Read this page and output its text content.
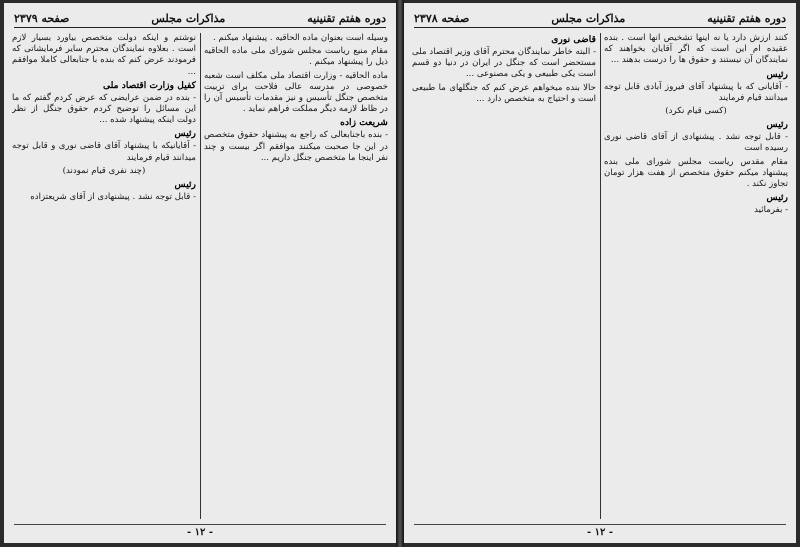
دوره هفتم تقنینیه
مذاکرات مجلس
صفحه ۲۳۷۹
وسیله است بعنوان ماده الحاقیه . پیشنهاد میکنم .
مقام منیع ریاست مجلس شورای ملی ماده الحاقیه ذیل را پیشنهاد میکنم .
ماده الحاقیه - وزارت اقتصاد ملی مکلف است شعبه خصوصی در مدرسه عالی فلاحت برای تربیت متخصص جنگل تأسیس و نیز مقدمات تأسیس آن را در ظاظ لازمه دیگر مملکت فراهم نماید .
شریعت زاده
- بنده باجنابعالی که راجع به پیشنهاد حقوق متخصص در این جا صحبت میکنند موافقم اگر بیست و چند نفر اینجا ما متخصص جنگل داریم ...
نوشتم و اینکه دولت متخصص بیاورد بسیار لازم است . بعلاوه نمایندگان محترم سایر فرمایشاتی که فرمودند عرض کنم که بنده با جنابعالی کاملا موافقم ...
کفیل وزارت اقتصاد ملی
- بنده در ضمن عرایضی که عرض کردم گفتم که ما این مسائل را توضیح کردم حقوق جنگل از نظر دولت اینکه پیشنهاد شده ...
رئیس
- آقایانیکه با پیشنهاد آقای قاضی نوری و قابل توجه میدانند قیام فرمایند
(چند نفری قیام نمودند)
رئیس
- قابل توجه نشد . پیشنهادی از آقای شریعتزاده
- ۱۲ -
دوره هفتم تقنینیه
مذاکرات مجلس
صفحه ۲۳۷۸
کنند ارزش دارد یا نه اینها تشخیص آنها است . بنده عقیده ام این است که اگر آقایان بخواهند که نمایندگان آن نیستند و حقوق ها را درست بدهند ...
رئیس
- آقایانی که با پیشنهاد آقای فیروز آبادی قابل توجه میدانند قیام فرمایند
(کسی قیام نکرد)
رئیس
- قابل توجه نشد . پیشنهادی از آقای قاضی نوری رسیده است
مقام مقدس ریاست مجلس شورای ملی بنده پیشنهاد میکنم حقوق متخصص از هفت هزار تومان تجاوز نکند .
رئیس
- بفرمائید
قاضی نوری
- البته خاطر نمایندگان محترم آقای وزیر اقتصاد ملی مستحضر است که جنگل در ایران در دنیا دو قسم است یکی طبیعی و یکی مصنوعی ...
حالا بنده میخواهم عرض کنم که جنگلهای ما طبیعی است و احتیاج به متخصص دارد ...
- ۱۲ -
